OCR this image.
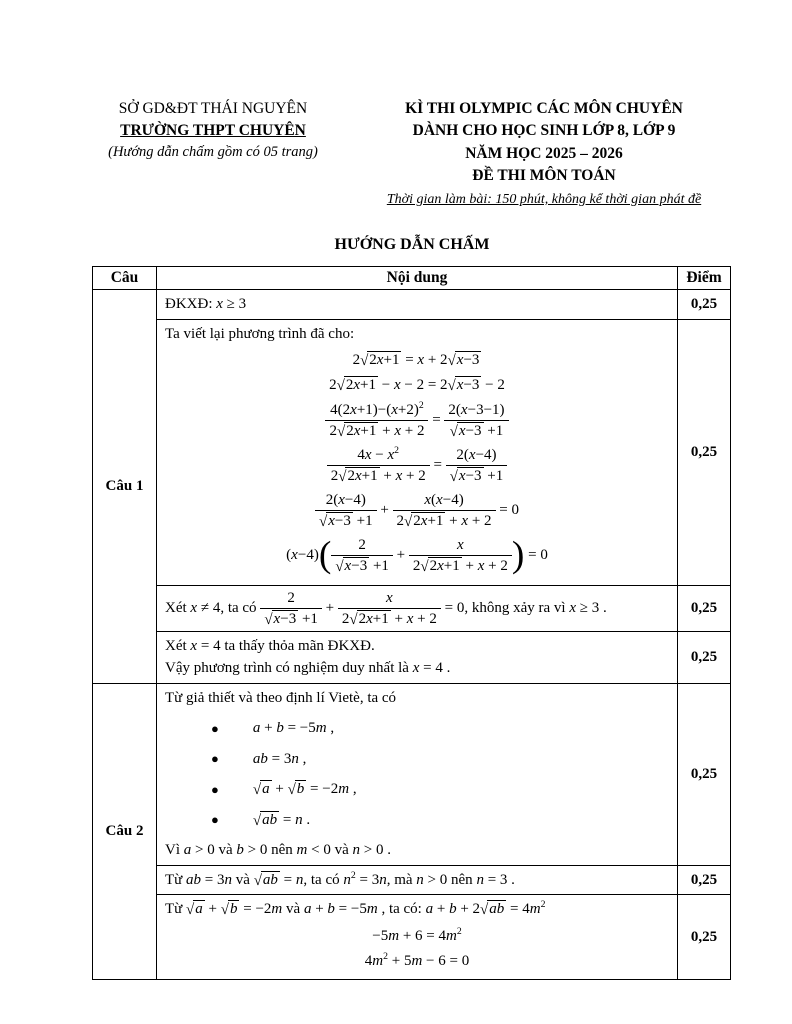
SỞ GD&ĐT THÁI NGUYÊN
TRƯỜNG THPT CHUYÊN
(Hướng dẫn chấm gồm có 05 trang)
KÌ THI OLYMPIC CÁC MÔN CHUYÊN
DÀNH CHO HỌC SINH LỚP 8, LỚP 9
NĂM HỌC 2025 – 2026
ĐỀ THI MÔN TOÁN
Thời gian làm bài: 150 phút, không kể thời gian phát đề
HƯỚNG DẪN CHẤM
Câu	Nội dung	Điểm
Câu 1	ĐKXĐ: x ≥ 3	0,25
Ta viết lại phương trình đã cho:
2√2x+1 = x + 2√x−3
2√2x+1 − x − 2 = 2√x−3 − 2
$\frac{4(2x+1)-(x+2)^2}{2√2x+1 + x + 2} = \frac{2(x-3-1)}{√x-3 +1}$
$\frac{4x - x^2}{2√2x+1 + x + 2} = \frac{2(x-4)}{√x-3 +1}$
$\frac{2(x-4)}{√x-3 +1} + \frac{x(x-4)}{2√2x+1 + x + 2} = 0$
$(x-4)( \frac{2}{√x-3 +1} + \frac{x}{2√2x+1 + x + 2}$ ) = 0
	0,25
Xét x ≠ 4, ta có $\frac{2}{√x-3 +1} + \frac{x}{2√2x+1 + x + 2} = 0$, không xảy ra vì x ≥ 3 .	0,25
	Xét x = 4 ta thấy thỏa mãn ĐKXĐ.
Vậy phương trình có nghiệm duy nhất là x = 4 .	0,25
Câu 2	Từ giả thiết và theo định lí Vietè, ta có
● a + b = −5m ,
● ab = 3n ,
● √a + √b = −2m ,
● √ab = n .
Vì a > 0 và b > 0 nên m < 0 và n > 0 .	0,25
	Từ ab = 3n và √ab = n, ta có $n^2 = 3n$, mà n > 0 nên n = 3 .	0,25
	Từ √a + √b = −2m và a + b = −5m , ta có: $a + b + 2√ab = 4m^2$
$-5m + 6 = 4m^2$
$4m^2 + 5m - 6 = 0$	0,25
